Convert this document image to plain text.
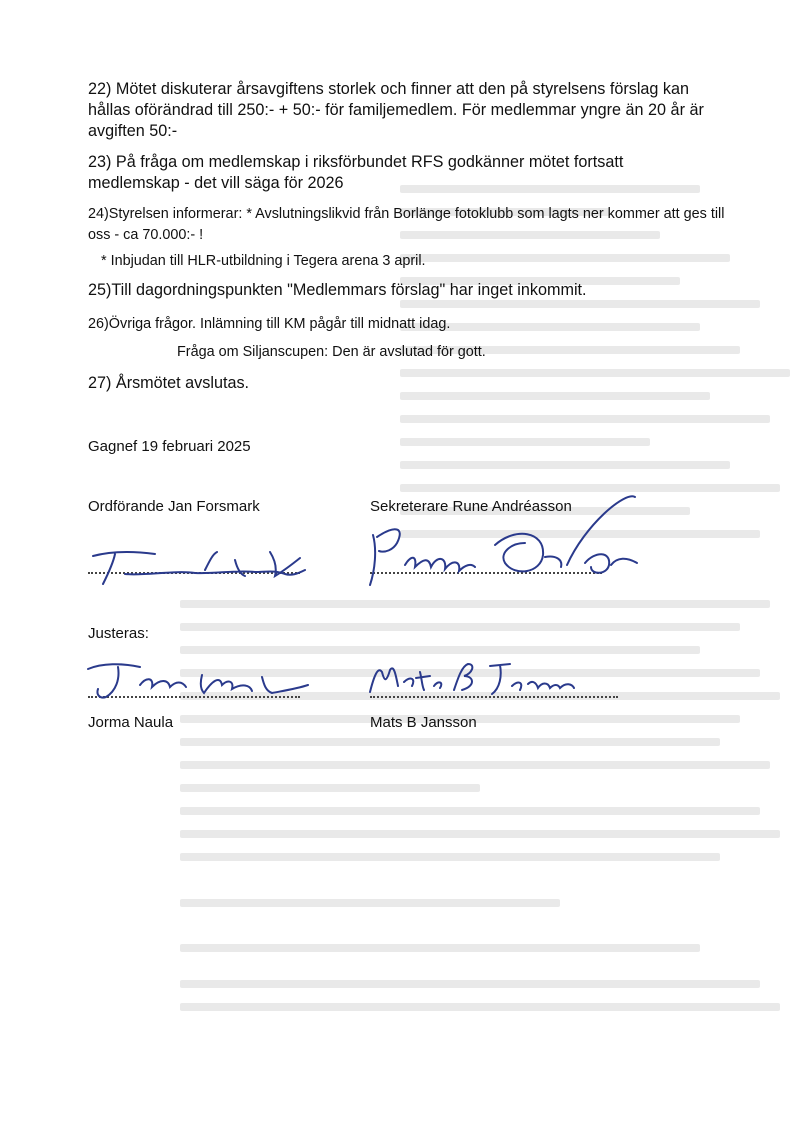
22) Mötet diskuterar årsavgiftens storlek och finner att den på styrelsens förslag kan hållas oförändrad till 250:- + 50:- för familjemedlem. För medlemmar yngre än 20 år är avgiften 50:-

23) På fråga om medlemskap i riksförbundet RFS godkänner mötet fortsatt medlemskap - det vill säga för 2026

24)Styrelsen informerar: * Avslutningslikvid från Borlänge fotoklubb som lagts ner kommer att ges till oss - ca 70.000:- !

* Inbjudan till HLR-utbildning i Tegera arena 3 april.

25)Till dagordningspunkten "Medlemmars förslag" har inget inkommit.

26)Övriga frågor. Inlämning till KM pågår till midnatt idag.

Fråga om Siljanscupen: Den är avslutad för gott.

27) Årsmötet avslutas.

Gagnef 19 februari 2025

Ordförande Jan Forsmark	Sekreterare Rune Andréasson

Justeras:

Jorma Naula	Mats B Jansson
